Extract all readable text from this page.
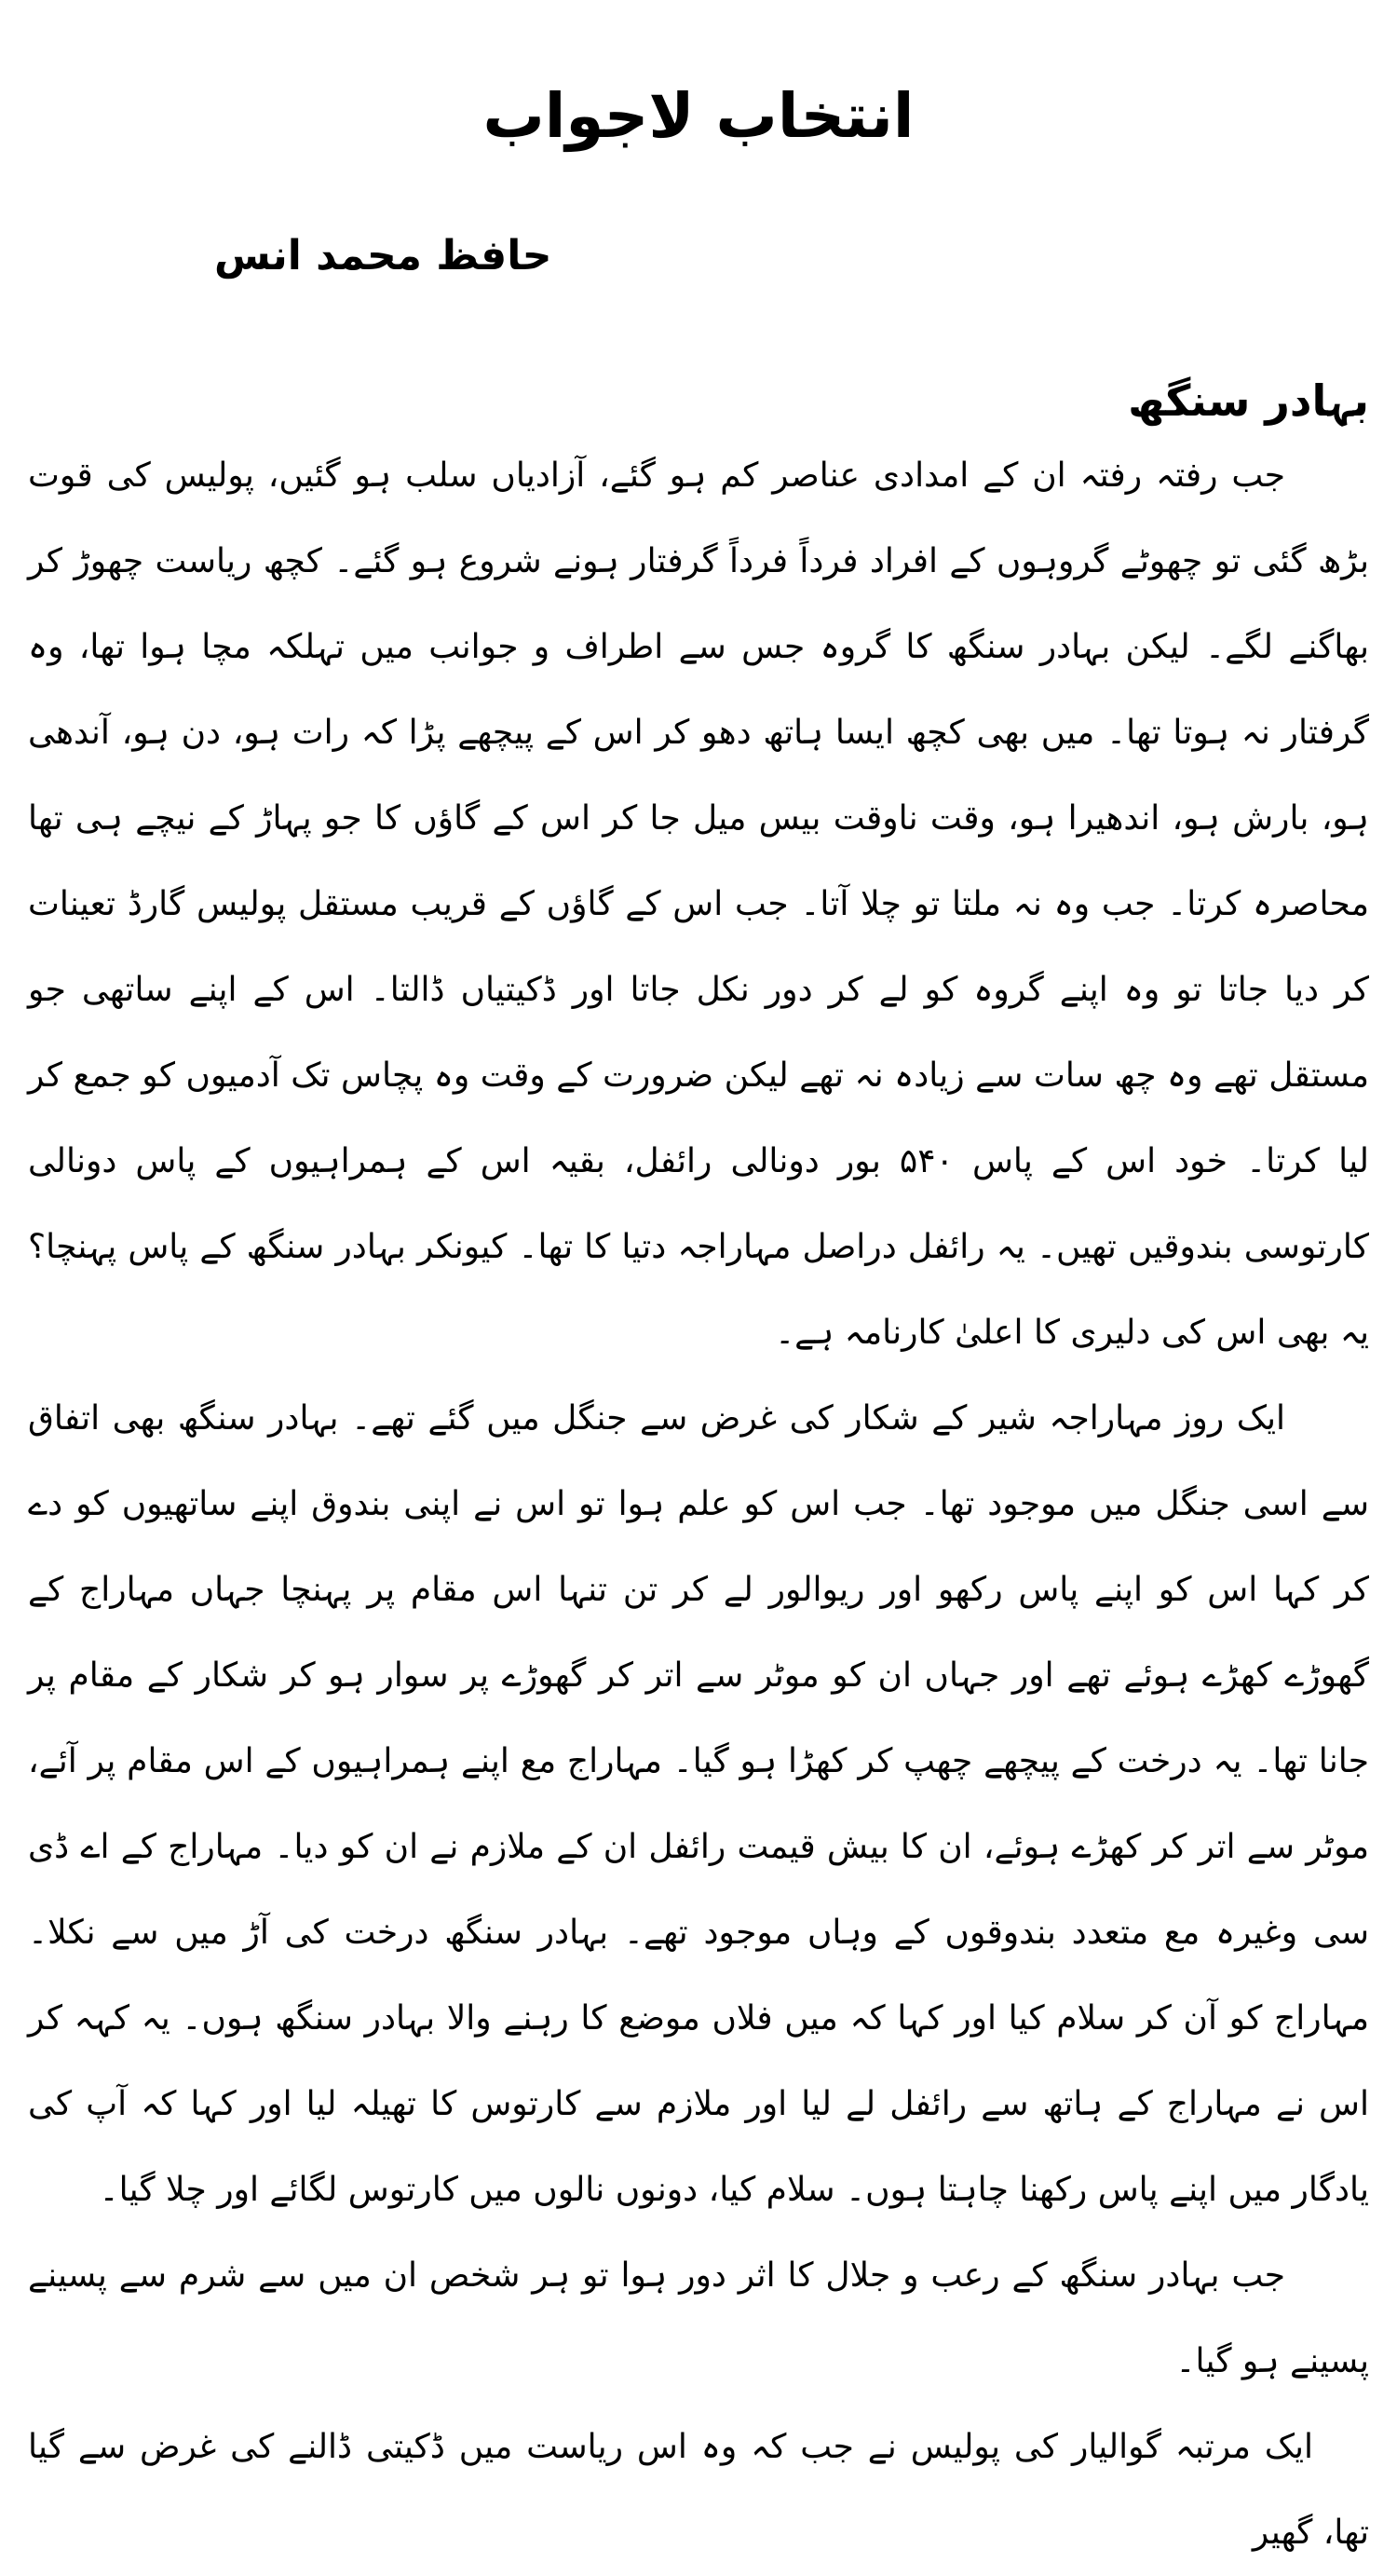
انتخاب لاجواب
حافظ محمد انس
بہادر سنگھ

جب رفتہ رفتہ ان کے امدادی عناصر کم ہو گئے، آزادیاں سلب ہو گئیں، پولیس کی قوت بڑھ گئی تو چھوٹے گروہوں کے افراد فرداً فرداً گرفتار ہونے شروع ہو گئے۔ کچھ ریاست چھوڑ کر بھاگنے لگے۔ لیکن بہادر سنگھ کا گروہ جس سے اطراف و جوانب میں تہلکہ مچا ہوا تھا، وہ گرفتار نہ ہوتا تھا۔ میں بھی کچھ ایسا ہاتھ دھو کر اس کے پیچھے پڑا کہ رات ہو، دن ہو، آندھی ہو، بارش ہو، اندھیرا ہو، وقت ناوقت بیس میل جا کر اس کے گاؤں کا جو پہاڑ کے نیچے ہی تھا محاصرہ کرتا۔ جب وہ نہ ملتا تو چلا آتا۔ جب اس کے گاؤں کے قریب مستقل پولیس گارڈ تعینات کر دیا جاتا تو وہ اپنے گروہ کو لے کر دور نکل جاتا اور ڈکیتیاں ڈالتا۔ اس کے اپنے ساتھی جو مستقل تھے وہ چھ سات سے زیادہ نہ تھے لیکن ضرورت کے وقت وہ پچاس تک آدمیوں کو جمع کر لیا کرتا۔ خود اس کے پاس ۵۴۰ بور دونالی رائفل، بقیہ اس کے ہمراہیوں کے پاس دونالی کارتوسی بندوقیں تھیں۔ یہ رائفل دراصل مہاراجہ دتیا کا تھا۔ کیونکر بہادر سنگھ کے پاس پہنچا؟ یہ بھی اس کی دلیری کا اعلیٰ کارنامہ ہے۔

ایک روز مہاراجہ شیر کے شکار کی غرض سے جنگل میں گئے تھے۔ بہادر سنگھ بھی اتفاق سے اسی جنگل میں موجود تھا۔ جب اس کو علم ہوا تو اس نے اپنی بندوق اپنے ساتھیوں کو دے کر کہا اس کو اپنے پاس رکھو اور ریوالور لے کر تن تنہا اس مقام پر پہنچا جہاں مہاراج کے گھوڑے کھڑے ہوئے تھے اور جہاں ان کو موٹر سے اتر کر گھوڑے پر سوار ہو کر شکار کے مقام پر جانا تھا۔ یہ درخت کے پیچھے چھپ کر کھڑا ہو گیا۔ مہاراج مع اپنے ہمراہیوں کے اس مقام پر آئے، موٹر سے اتر کر کھڑے ہوئے، ان کا بیش قیمت رائفل ان کے ملازم نے ان کو دیا۔ مہاراج کے اے ڈی سی وغیرہ مع متعدد بندوقوں کے وہاں موجود تھے۔ بہادر سنگھ درخت کی آڑ میں سے نکلا۔ مہاراج کو آن کر سلام کیا اور کہا کہ میں فلاں موضع کا رہنے والا بہادر سنگھ ہوں۔ یہ کہہ کر اس نے مہاراج کے ہاتھ سے رائفل لے لیا اور ملازم سے کارتوس کا تھیلہ لیا اور کہا کہ آپ کی یادگار میں اپنے پاس رکھنا چاہتا ہوں۔ سلام کیا، دونوں نالوں میں کارتوس لگائے اور چلا گیا۔

جب بہادر سنگھ کے رعب و جلال کا اثر دور ہوا تو ہر شخص ان میں سے شرم سے پسینے پسینے ہو گیا۔

ایک مرتبہ گوالیار کی پولیس نے جب کہ وہ اس ریاست میں ڈکیتی ڈالنے کی غرض سے گیا تھا، گھیر
